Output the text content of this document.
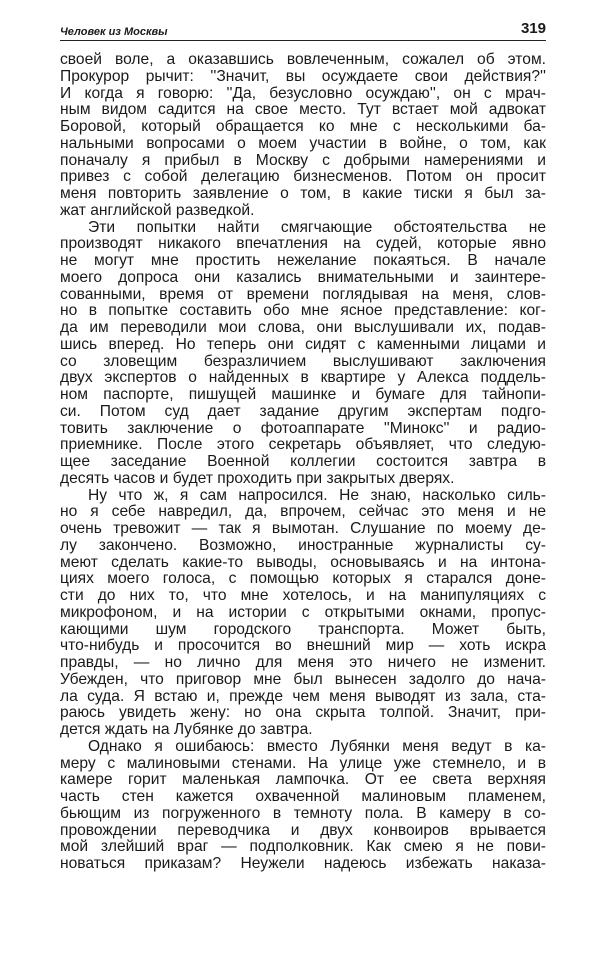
Человек из Москвы	319
своей воле, а оказавшись вовлеченным, сожалел об этом.
Прокурор рычит: ''Значит, вы осуждаете свои действия?''
И когда я говорю: ''Да, безусловно осуждаю'', он с мрач-
ным видом садится на свое место. Тут встает мой адвокат
Боровой, который обращается ко мне с несколькими ба-
нальными вопросами о моем участии в войне, о том, как
поначалу я прибыл в Москву с добрыми намерениями и
привез с собой делегацию бизнесменов. Потом он просит
меня повторить заявление о том, в какие тиски я был за-
жат английской разведкой.
Эти попытки найти смягчающие обстоятельства не
производят никакого впечатления на судей, которые явно
не могут мне простить нежелание покаяться. В начале
моего допроса они казались внимательными и заинтере-
сованными, время от времени поглядывая на меня, слов-
но в попытке составить обо мне ясное представление: ког-
да им переводили мои слова, они выслушивали их, подав-
шись вперед. Но теперь они сидят с каменными лицами и
со зловещим безразличием выслушивают заключения
двух экспертов о найденных в квартире у Алекса поддель-
ном паспорте, пишущей машинке и бумаге для тайнопи-
си. Потом суд дает задание другим экспертам подго-
товить заключение о фотоаппарате ''Минокс'' и радио-
приемнике. После этого секретарь объявляет, что следую-
щее заседание Военной коллегии состоится завтра в
десять часов и будет проходить при закрытых дверях.
Ну что ж, я сам напросился. Не знаю, насколько силь-
но я себе навредил, да, впрочем, сейчас это меня и не
очень тревожит — так я вымотан. Слушание по моему де-
лу закончено. Возможно, иностранные журналисты су-
меют сделать какие-то выводы, основываясь и на интона-
циях моего голоса, с помощью которых я старался доне-
сти до них то, что мне хотелось, и на манипуляциях с
микрофоном, и на истории с открытыми окнами, пропус-
кающими шум городского транспорта. Может быть,
что-нибудь и просочится во внешний мир — хоть искра
правды, — но лично для меня это ничего не изменит.
Убежден, что приговор мне был вынесен задолго до нача-
ла суда. Я встаю и, прежде чем меня выводят из зала, ста-
раюсь увидеть жену: но она скрыта толпой. Значит, при-
дется ждать на Лубянке до завтра.
Однако я ошибаюсь: вместо Лубянки меня ведут в ка-
меру с малиновыми стенами. На улице уже стемнело, и в
камере горит маленькая лампочка. От ее света верхняя
часть стен кажется охваченной малиновым пламенем,
бьющим из погруженного в темноту пола. В камеру в со-
провождении переводчика и двух конвоиров врывается
мой злейший враг — подполковник. Как смею я не пови-
новаться приказам? Неужели надеюсь избежать наказа-
